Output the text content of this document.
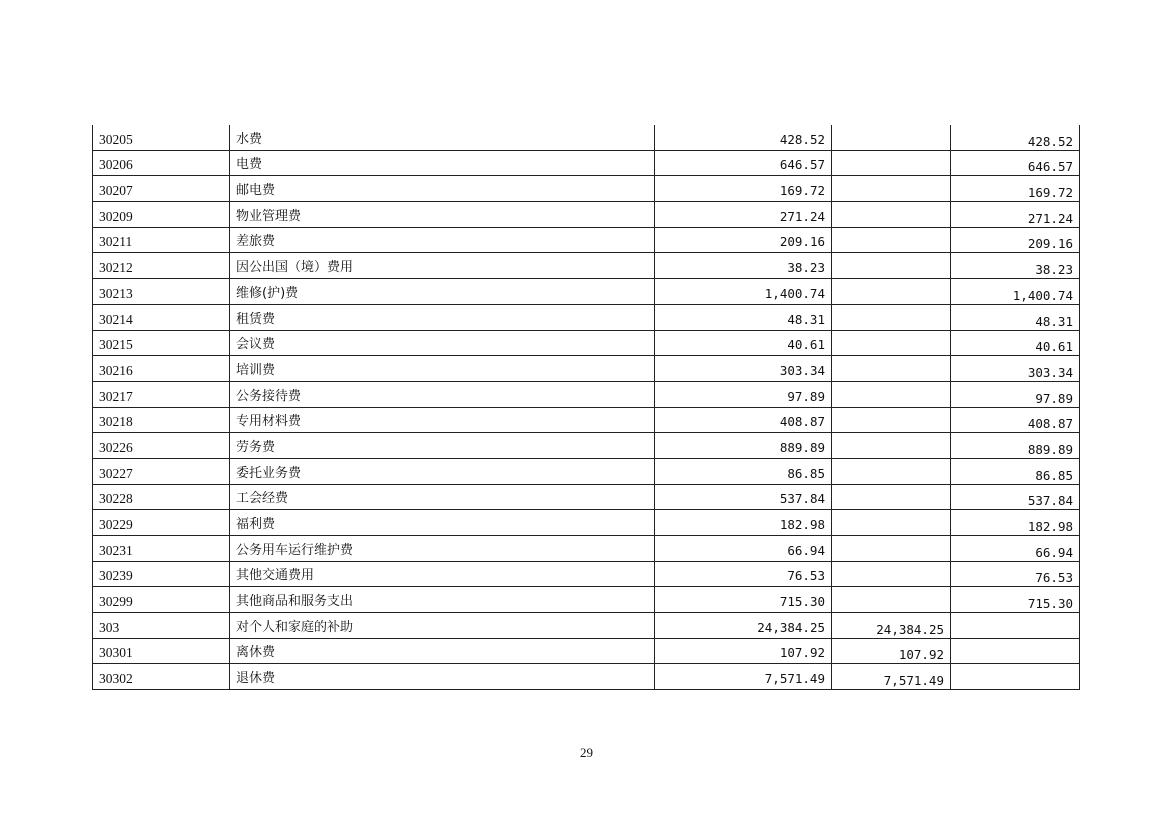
30205	水费	428.52		428.52
30206	电费	646.57		646.57
30207	邮电费	169.72		169.72
30209	物业管理费	271.24		271.24
30211	差旅费	209.16		209.16
30212	因公出国（境）费用	38.23		38.23
30213	维修(护)费	1,400.74		1,400.74
30214	租赁费	48.31		48.31
30215	会议费	40.61		40.61
30216	培训费	303.34		303.34
30217	公务接待费	97.89		97.89
30218	专用材料费	408.87		408.87
30226	劳务费	889.89		889.89
30227	委托业务费	86.85		86.85
30228	工会经费	537.84		537.84
30229	福利费	182.98		182.98
30231	公务用车运行维护费	66.94		66.94
30239	其他交通费用	76.53		76.53
30299	其他商品和服务支出	715.30		715.30
303	对个人和家庭的补助	24,384.25	24,384.25	
30301	离休费	107.92	107.92	
30302	退休费	7,571.49	7,571.49	
29
